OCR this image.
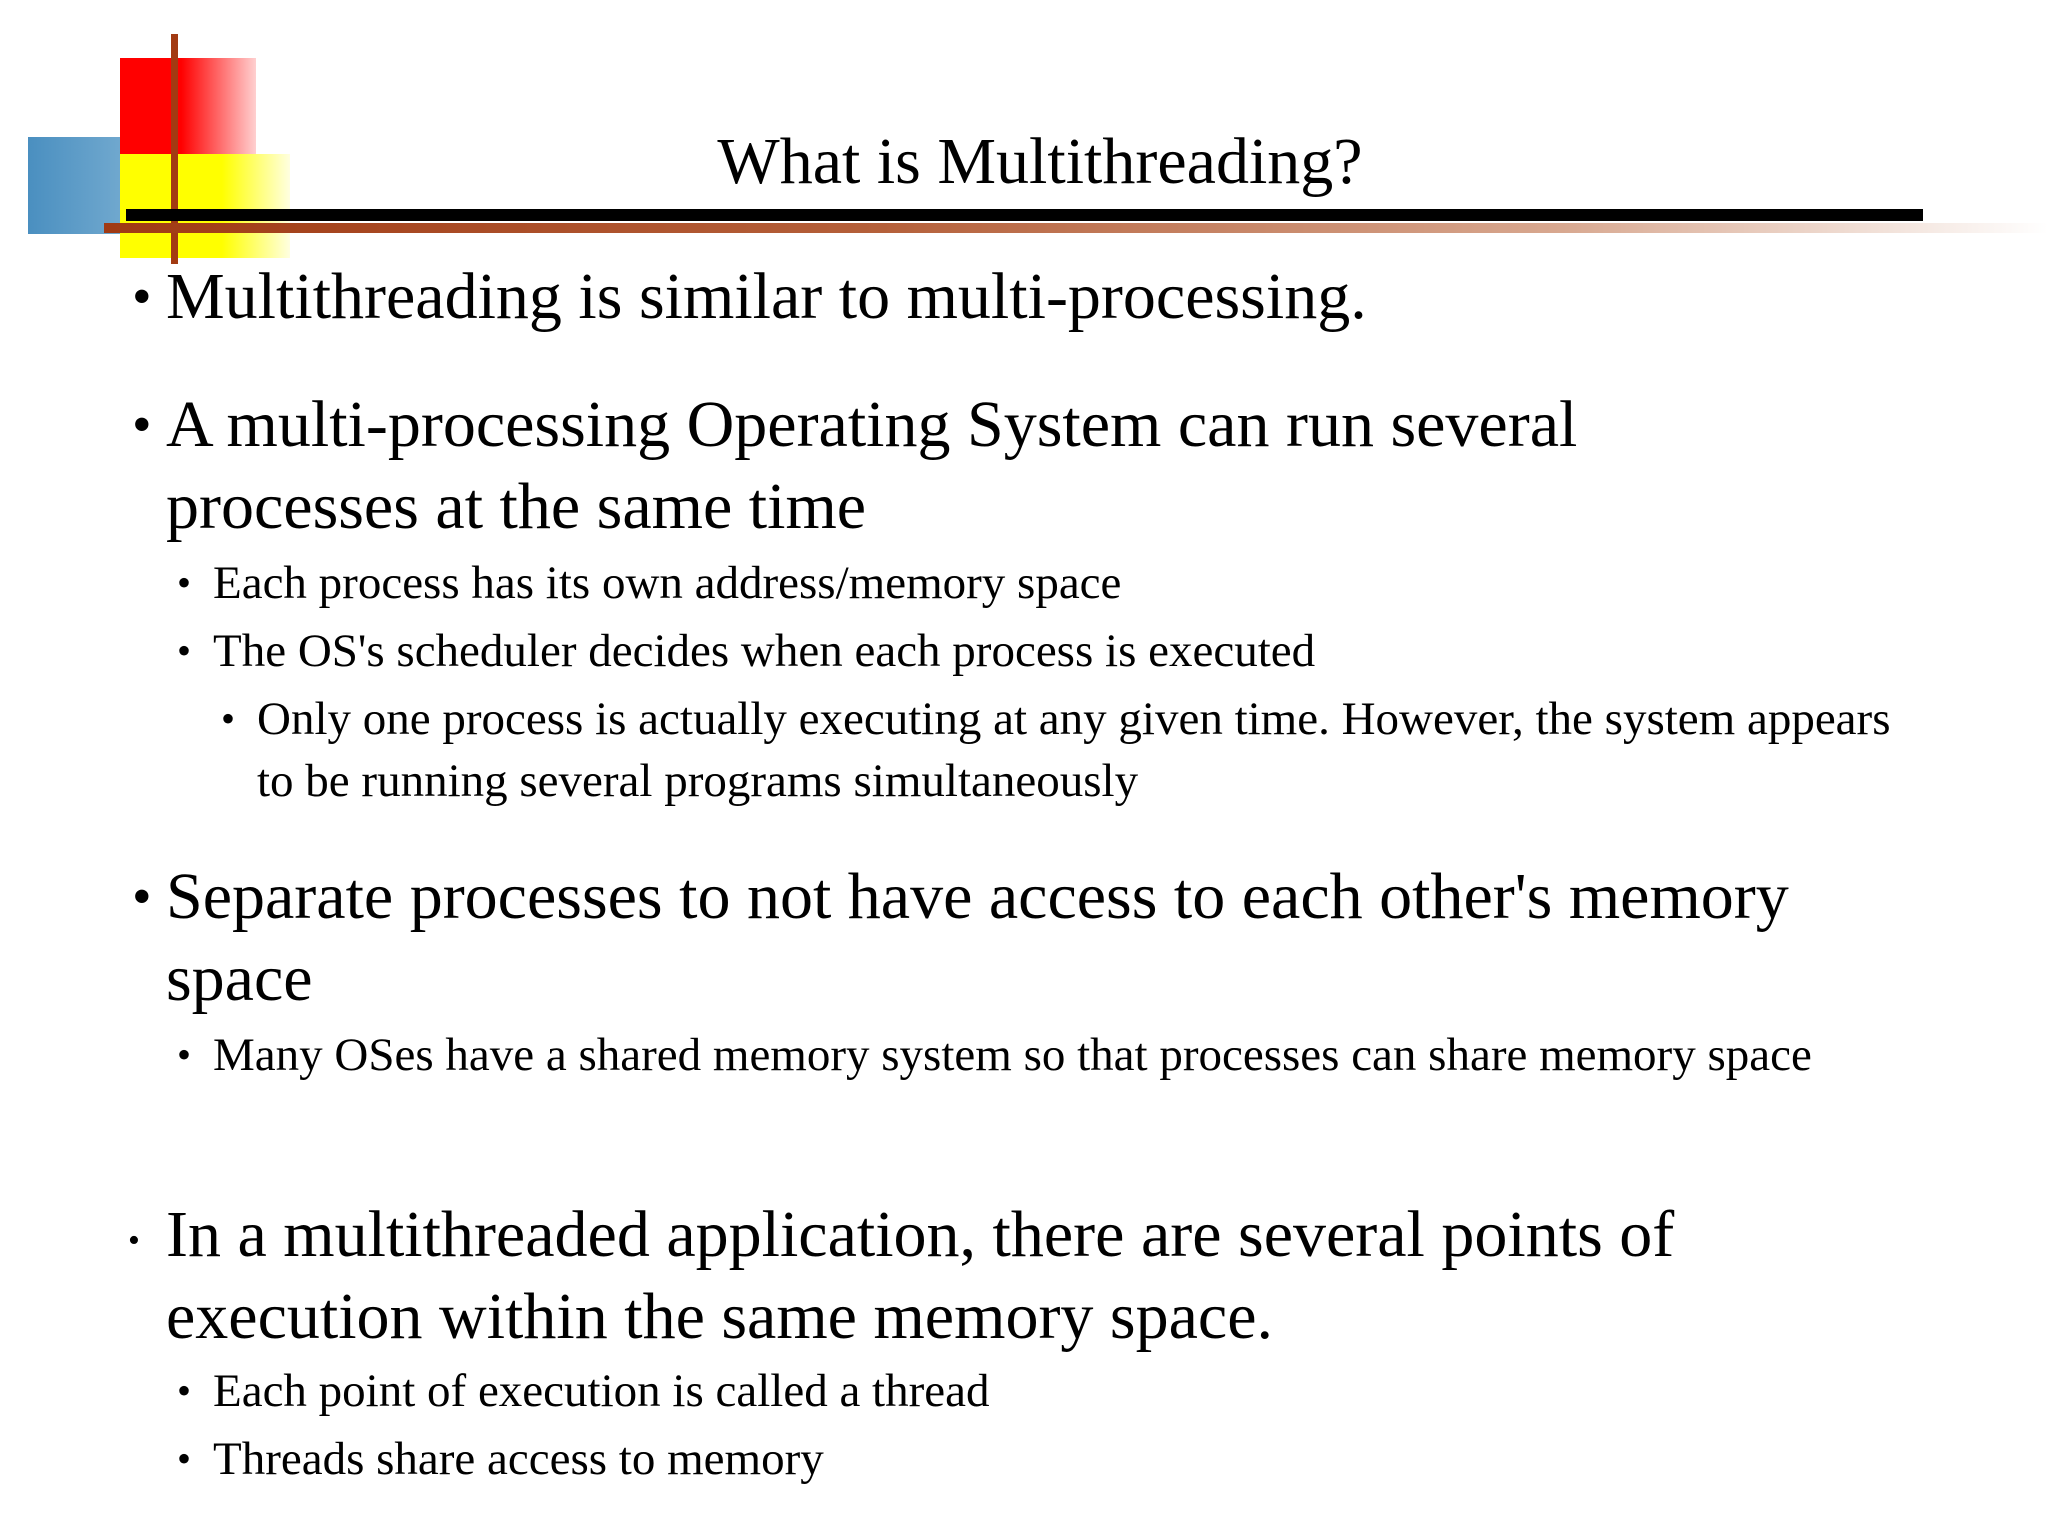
What is Multithreading?
• Multithreading is similar to multi-processing.
• A multi-processing Operating System can run several processes at the same time
• Each process has its own address/memory space
• The OS's scheduler decides when each process is executed
• Only one process is actually executing at any given time. However, the system appears to be running several programs simultaneously
• Separate processes to not have access to each other's memory space
• Many OSes have a shared memory system so that processes can share memory space
• In a multithreaded application, there are several points of execution within the same memory space.
• Each point of execution is called a thread
• Threads share access to memory
